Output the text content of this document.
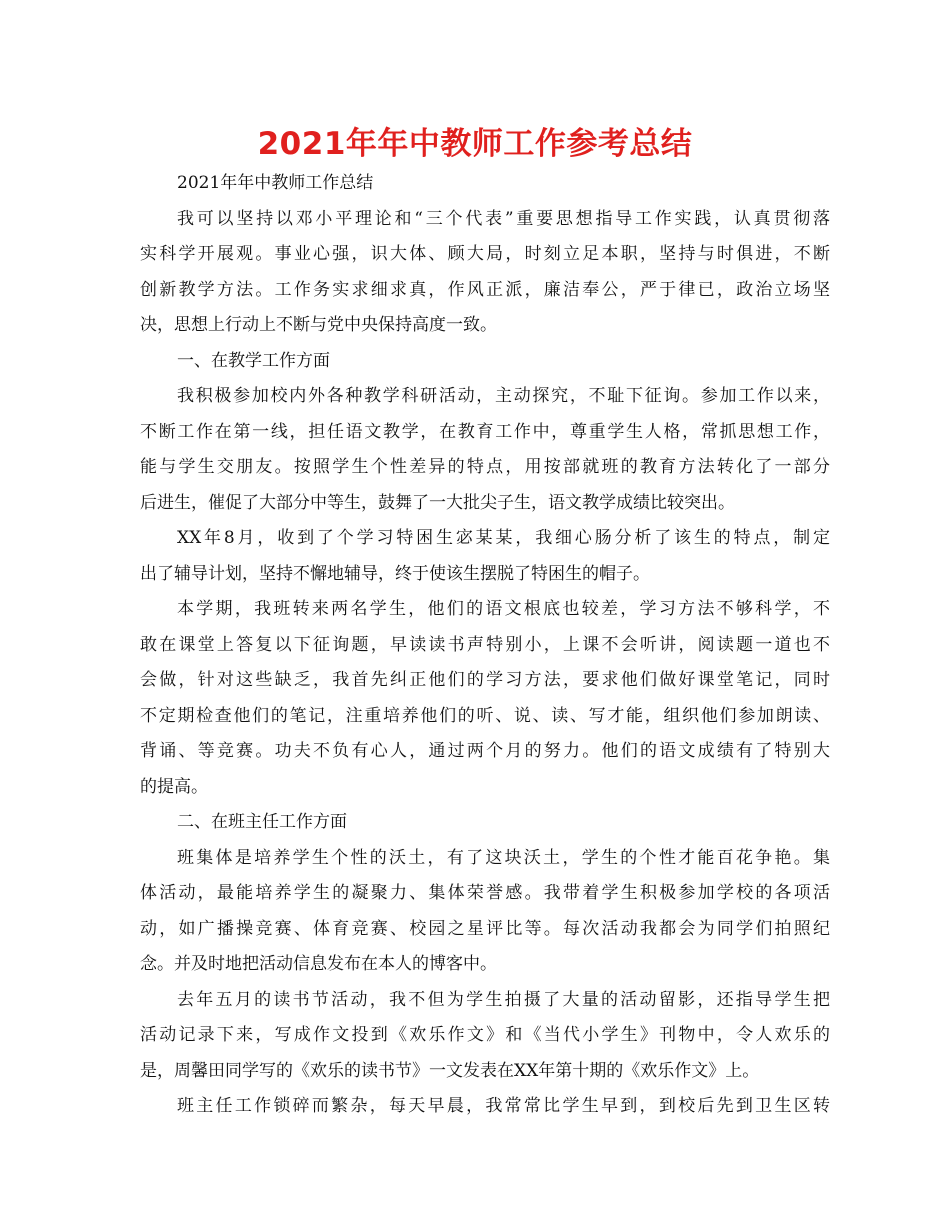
2021年年中教师工作参考总结
2021年年中教师工作总结
我可以坚持以邓小平理论和“三个代表”重要思想指导工作实践，认真贯彻落
实科学开展观。事业心强，识大体、顾大局，时刻立足本职，坚持与时俱进，不断
创新教学方法。工作务实求细求真，作风正派，廉洁奉公，严于律已，政治立场坚
决，思想上行动上不断与党中央保持高度一致。
一、在教学工作方面
我积极参加校内外各种教学科研活动，主动探究，不耻下征询。参加工作以来，
不断工作在第一线，担任语文教学，在教育工作中，尊重学生人格，常抓思想工作，
能与学生交朋友。按照学生个性差异的特点，用按部就班的教育方法转化了一部分
后进生，催促了大部分中等生，鼓舞了一大批尖子生，语文教学成绩比较突出。
XX年8月，收到了个学习特困生宓某某，我细心肠分析了该生的特点，制定
出了辅导计划，坚持不懈地辅导，终于使该生摆脱了特困生的帽子。
本学期，我班转来两名学生，他们的语文根底也较差，学习方法不够科学，不
敢在课堂上答复以下征询题，早读读书声特别小，上课不会听讲，阅读题一道也不
会做，针对这些缺乏，我首先纠正他们的学习方法，要求他们做好课堂笔记，同时
不定期检查他们的笔记，注重培养他们的听、说、读、写才能，组织他们参加朗读、
背诵、等竞赛。功夫不负有心人，通过两个月的努力。他们的语文成绩有了特别大
的提高。
二、在班主任工作方面
班集体是培养学生个性的沃土，有了这块沃土，学生的个性才能百花争艳。集
体活动，最能培养学生的凝聚力、集体荣誉感。我带着学生积极参加学校的各项活
动，如广播操竞赛、体育竞赛、校园之星评比等。每次活动我都会为同学们拍照纪
念。并及时地把活动信息发布在本人的博客中。
去年五月的读书节活动，我不但为学生拍摄了大量的活动留影，还指导学生把
活动记录下来，写成作文投到《欢乐作文》和《当代小学生》刊物中，令人欢乐的
是，周馨田同学写的《欢乐的读书节》一文发表在XX年第十期的《欢乐作文》上。
班主任工作锁碎而繁杂，每天早晨，我常常比学生早到，到校后先到卫生区转
